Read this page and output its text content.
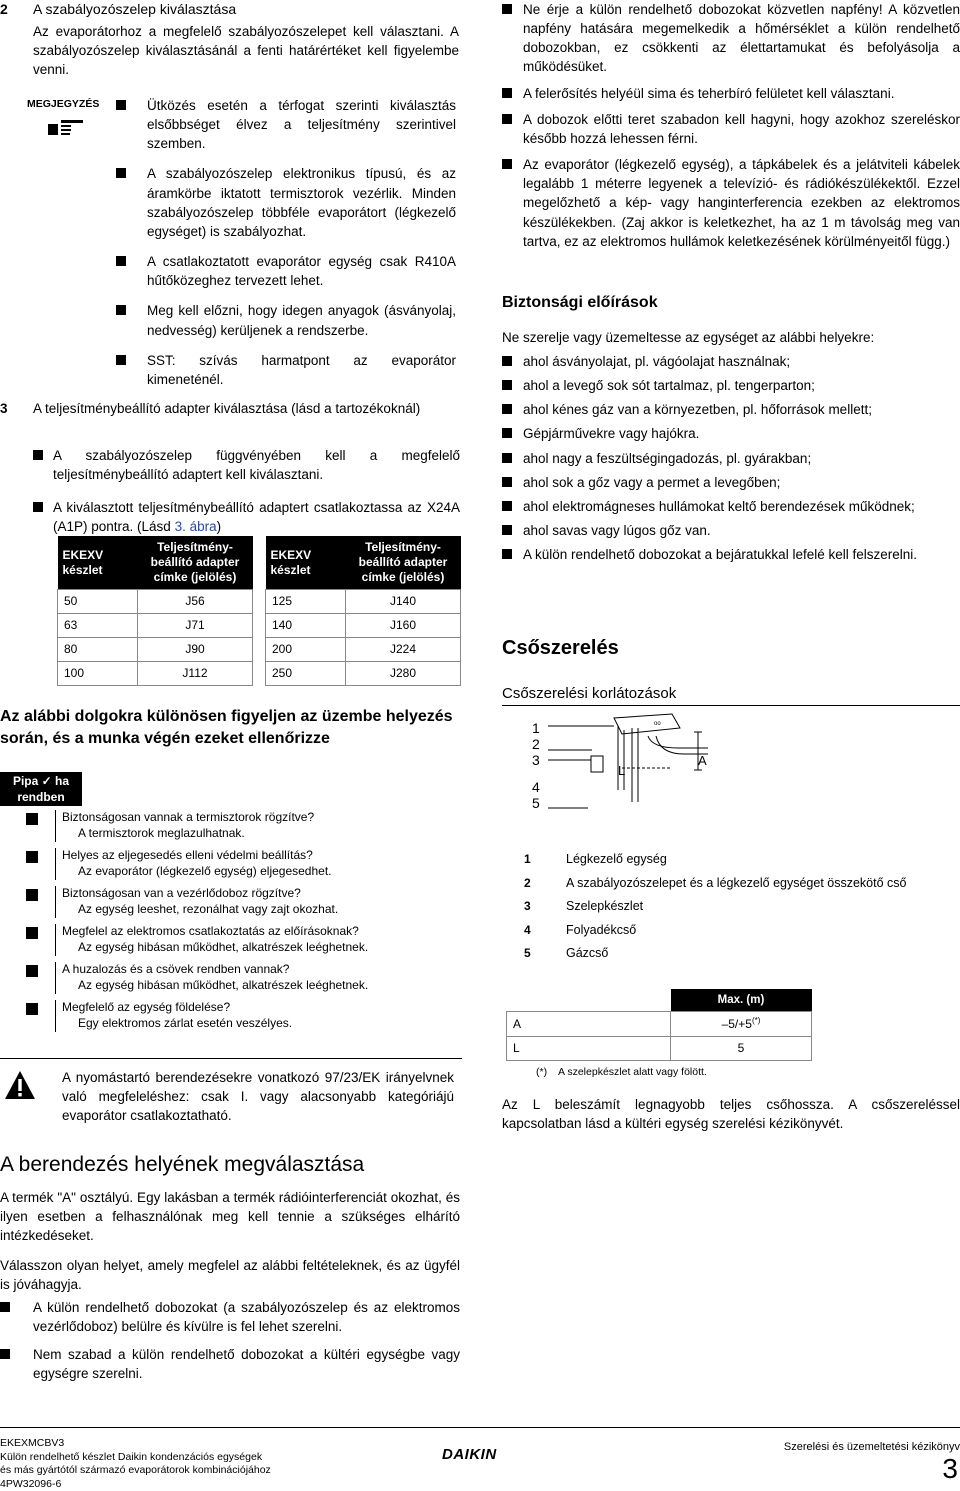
2 A szabályozószelep kiválasztása

Az evaporátorhoz a megfelelő szabályozószelepet kell választani. A szabályozószelep kiválasztásánál a fenti határértéket kell figyelembe venni.

MEGJEGYZÉS	Ütközés esetén a térfogat szerinti kiválasztás elsőbbséget élvez a teljesítmény szerintivel szemben.
A szabályozószelep elektronikus típusú, és az áramkörbe iktatott termisztorok vezérlik. Minden szabályozószelep többféle evaporátort (légkezelő egységet) is szabályozhat.
A csatlakoztatott evaporátor egység csak R410A hűtőközeghez tervezett lehet.
Meg kell előzni, hogy idegen anyagok (ásványolaj, nedvesség) kerüljenek a rendszerbe.
SST: szívás harmatpont az evaporátor kimeneténél.

3 A teljesítménybeállító adapter kiválasztása (lásd a tartozékoknál)

A szabályozószelep függvényében kell a megfelelő teljesítménybeállító adaptert kell kiválasztani.
A kiválasztott teljesítménybeállító adaptert csatlakoztassa az X24A (A1P) pontra. (Lásd 3. ábra)
EKEXV készlet	Teljesítmény-beállító adapter címke (jelölés)
50	J56
63	J71
80	J90
100	J112
EKEXV készlet	Teljesítmény-beállító adapter címke (jelölés)
125	J140
140	J160
200	J224
250	J280
Az alábbi dolgokra különösen figyeljen az üzembe helyezés során, és a munka végén ezeket ellenőrizze
Pipa ✓ ha rendben
Biztonságosan vannak a termisztorok rögzítve?
A termisztorok meglazulhatnak.
Helyes az eljegesedés elleni védelmi beállítás?
Az evaporátor (légkezelő egység) eljegesedhet.
Biztonságosan van a vezérlődoboz rögzítve?
Az egység leeshet, rezonálhat vagy zajt okozhat.
Megfelel az elektromos csatlakoztatás az előírásoknak?
Az egység hibásan működhet, alkatrészek leéghetnek.
A huzalozás és a csövek rendben vannak?
Az egység hibásan működhet, alkatrészek leéghetnek.
Megfelelő az egység földelése?
Egy elektromos zárlat esetén veszélyes.

A nyomástartó berendezésekre vonatkozó 97/23/EK irányelvnek való megfeleléshez: csak I. vagy alacsonyabb kategóriájú evaporátor csatlakoztatható.

A berendezés helyének megválasztása

A termék "A" osztályú. Egy lakásban a termék rádióinterferenciát okozhat, és ilyen esetben a felhasználónak meg kell tennie a szükséges elhárító intézkedéseket.

Válasszon olyan helyet, amely megfelel az alábbi feltételeknek, és az ügyfél is jóváhagyja.

A külön rendelhető dobozokat (a szabályozószelep és az elektromos vezérlődoboz) belülre és kívülre is fel lehet szerelni.
Nem szabad a külön rendelhető dobozokat a kültéri egységbe vagy egységre szerelni.
Ne érje a külön rendelhető dobozokat közvetlen napfény! A közvetlen napfény hatására megemelkedik a hőmérséklet a külön rendelhető dobozokban, ez csökkenti az élettartamukat és befolyásolja a működésüket.
A felerősítés helyéül sima és teherbíró felületet kell választani.
A dobozok előtti teret szabadon kell hagyni, hogy azokhoz szereléskor később hozzá lehessen férni.
Az evaporátor (légkezelő egység), a tápkábelek és a jelátviteli kábelek legalább 1 méterre legyenek a televízió- és rádiókészülékektől. Ezzel megelőzhető a kép- vagy hanginterferencia ezekben az elektromos készülékekben. (Zaj akkor is keletkezhet, ha az 1 m távolság meg van tartva, ez az elektromos hullámok keletkezésének körülményeitől függ.)
Biztonsági előírások
Ne szerelje vagy üzemeltesse az egységet az alábbi helyekre:
ahol ásványolajat, pl. vágóolajat használnak;
ahol a levegő sok sót tartalmaz, pl. tengerparton;
ahol kénes gáz van a környezetben, pl. hőforrások mellett;
Gépjárművekre vagy hajókra.
ahol nagy a feszültségingadozás, pl. gyárakban;
ahol sok a gőz vagy a permet a levegőben;
ahol elektromágneses hullámokat keltő berendezések működnek;
ahol savas vagy lúgos gőz van.
A külön rendelhető dobozokat a bejáratukkal lefelé kell felszerelni.
Csőszerelés
Csőszerelési korlátozások
1
2
3
4
5
oo
L
A
1	Légkezelő egység
2	A szabályozószelepet és a légkezelő egységet összekötő cső
3	Szelepkészlet
4	Folyadékcső
5	Gázcső
	Max. (m)
A	–5/+5(*)
L	5
(*) A szelepkészlet alatt vagy fölött.

Az L beleszámít legnagyobb teljes csőhossza. A csőszereléssel kapcsolatban lásd a kültéri egység szerelési kézikönyvét.

EKEXMCBV3
Külön rendelhető készlet Daikin kondenzációs egységek
és más gyártótól származó evaporátorok kombinációjához
4PW32096-6
DAIKIN	Szerelési és üzemeltetési kézikönyv
3
